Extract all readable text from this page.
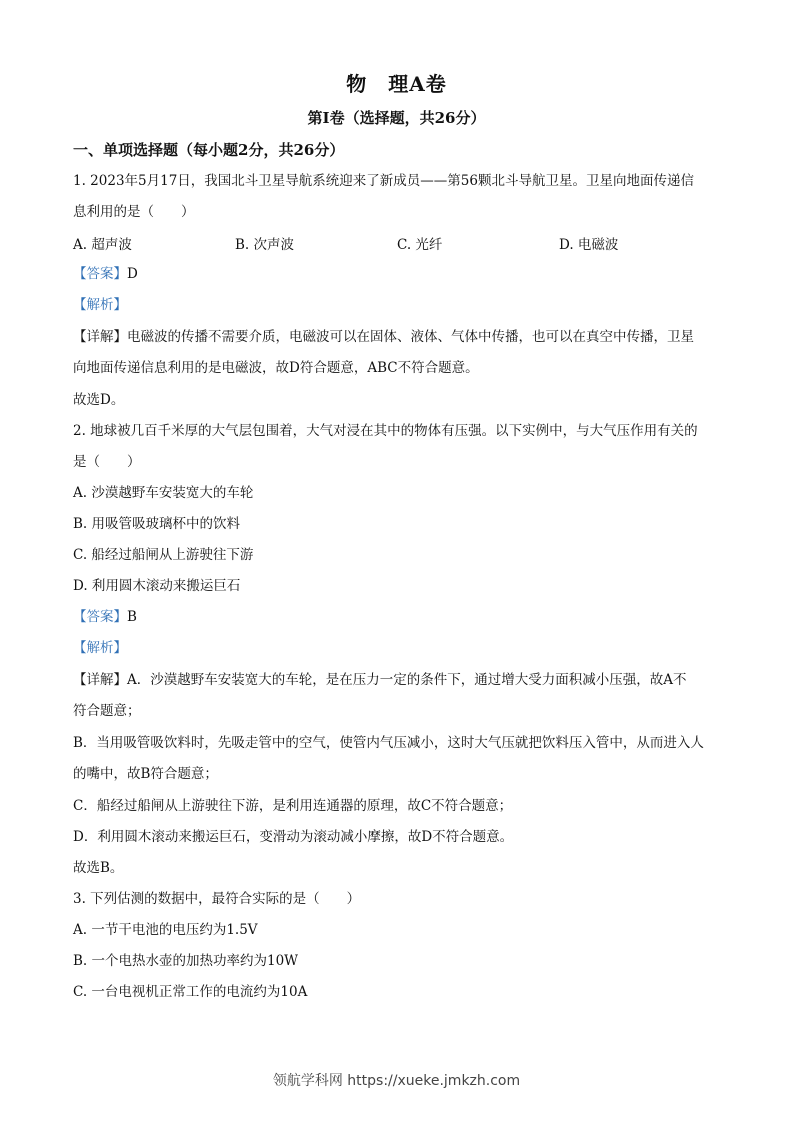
物　理A卷
第Ⅰ卷（选择题，共26分）
一、单项选择题（每小题2分，共26分）
1. 2023年5月17日，我国北斗卫星导航系统迎来了新成员——第56颗北斗导航卫星。卫星向地面传递信
息利用的是（　　）
A. 超声波	B. 次声波	C. 光纤	D. 电磁波
【答案】D
【解析】
【详解】电磁波的传播不需要介质，电磁波可以在固体、液体、气体中传播，也可以在真空中传播，卫星
向地面传递信息利用的是电磁波，故D符合题意，ABC不符合题意。
故选D。
2. 地球被几百千米厚的大气层包围着，大气对浸在其中的物体有压强。以下实例中，与大气压作用有关的
是（　　）
A. 沙漠越野车安装宽大的车轮
B. 用吸管吸玻璃杯中的饮料
C. 船经过船闸从上游驶往下游
D. 利用圆木滚动来搬运巨石
【答案】B
【解析】
【详解】A．沙漠越野车安装宽大的车轮，是在压力一定的条件下，通过增大受力面积减小压强，故A不
符合题意；
B．当用吸管吸饮料时，先吸走管中的空气，使管内气压减小，这时大气压就把饮料压入管中，从而进入人
的嘴中，故B符合题意；
C．船经过船闸从上游驶往下游，是利用连通器的原理，故C不符合题意；
D．利用圆木滚动来搬运巨石，变滑动为滚动减小摩擦，故D不符合题意。
故选B。
3. 下列估测的数据中，最符合实际的是（　　）
A. 一节干电池的电压约为1.5V
B. 一个电热水壶的加热功率约为10W
C. 一台电视机正常工作的电流约为10A
领航学科网 https://xueke.jmkzh.com
